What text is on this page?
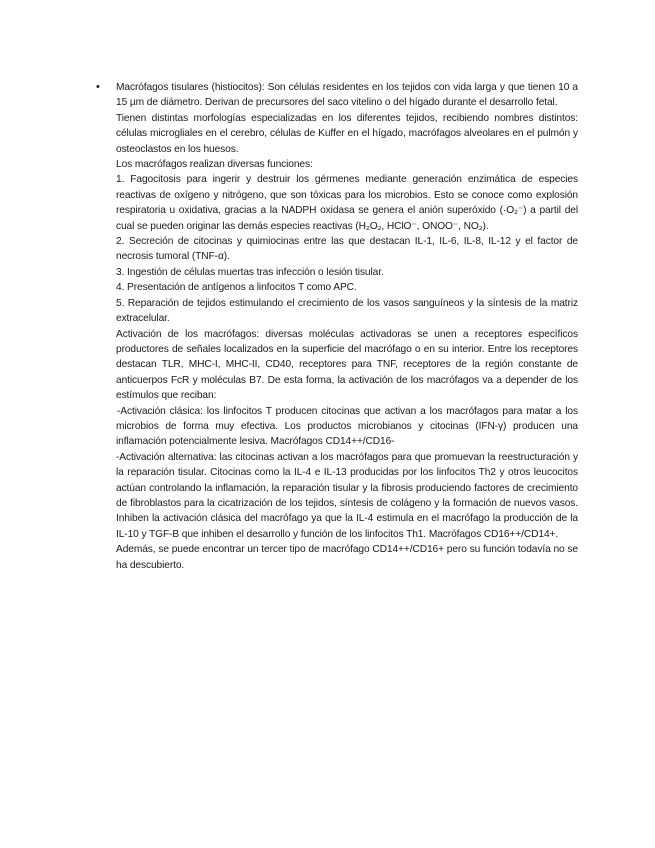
• Macrófagos tisulares (histiocitos): Son células residentes en los tejidos con vida larga y que tienen 10 a 15 µm de diámetro. Derivan de precursores del saco vitelino o del hígado durante el desarrollo fetal.

Tienen distintas morfologías especializadas en los diferentes tejidos, recibiendo nombres distintos: células microgliales en el cerebro, células de Kuffer en el hígado, macrófagos alveolares en el pulmón y osteoclastos en los huesos.

Los macrófagos realizan diversas funciones:

1. Fagocitosis para ingerir y destruir los gérmenes mediante generación enzimática de especies reactivas de oxígeno y nitrógeno, que son tóxicas para los microbios. Esto se conoce como explosión respiratoria u oxidativa, gracias a la NADPH oxidasa se genera el anión superóxido (·O₂⁻) a partil del cual se pueden originar las demás especies reactivas (H₂O₂, HClO⁻, ONOO⁻, NO₂).

2. Secreción de citocinas y quimiocinas entre las que destacan IL-1, IL-6, IL-8, IL-12 y el factor de necrosis tumoral (TNF-α).

3. Ingestión de células muertas tras infección o lesión tisular.

4. Presentación de antígenos a linfocitos T como APC.

5. Reparación de tejidos estimulando el crecimiento de los vasos sanguíneos y la síntesis de la matriz extracelular.

Activación de los macrófagos: diversas moléculas activadoras se unen a receptores específicos productores de señales localizados en la superficie del macrófago o en su interior. Entre los receptores destacan TLR, MHC-I, MHC-II, CD40, receptores para TNF, receptores de la región constante de anticuerpos FcR y moléculas B7. De esta forma, la activación de los macrófagos va a depender de los estímulos que reciban:

-Activación clásica: los linfocitos T producen citocinas que activan a los macrófagos para matar a los microbios de forma muy efectiva. Los productos microbianos y citocinas (IFN-γ) producen una inflamación potencialmente lesiva. Macrófagos CD14++/CD16-

-Activación alternativa: las citocinas activan a los macrófagos para que promuevan la reestructuración y la reparación tisular. Citocinas como la IL-4 e IL-13 producidas por los linfocitos Th2 y otros leucocitos actúan controlando la inflamación, la reparación tisular y la fibrosis produciendo factores de crecimiento de fibroblastos para la cicatrización de los tejidos, síntesis de colágeno y la formación de nuevos vasos. Inhiben la activación clásica del macrófago ya que la IL-4 estimula en el macrófago la producción de la IL-10 y TGF-B que inhiben el desarrollo y función de los linfocitos Th1. Macrófagos CD16++/CD14+.

Además, se puede encontrar un tercer tipo de macrófago CD14++/CD16+ pero su función todavía no se ha descubierto.
